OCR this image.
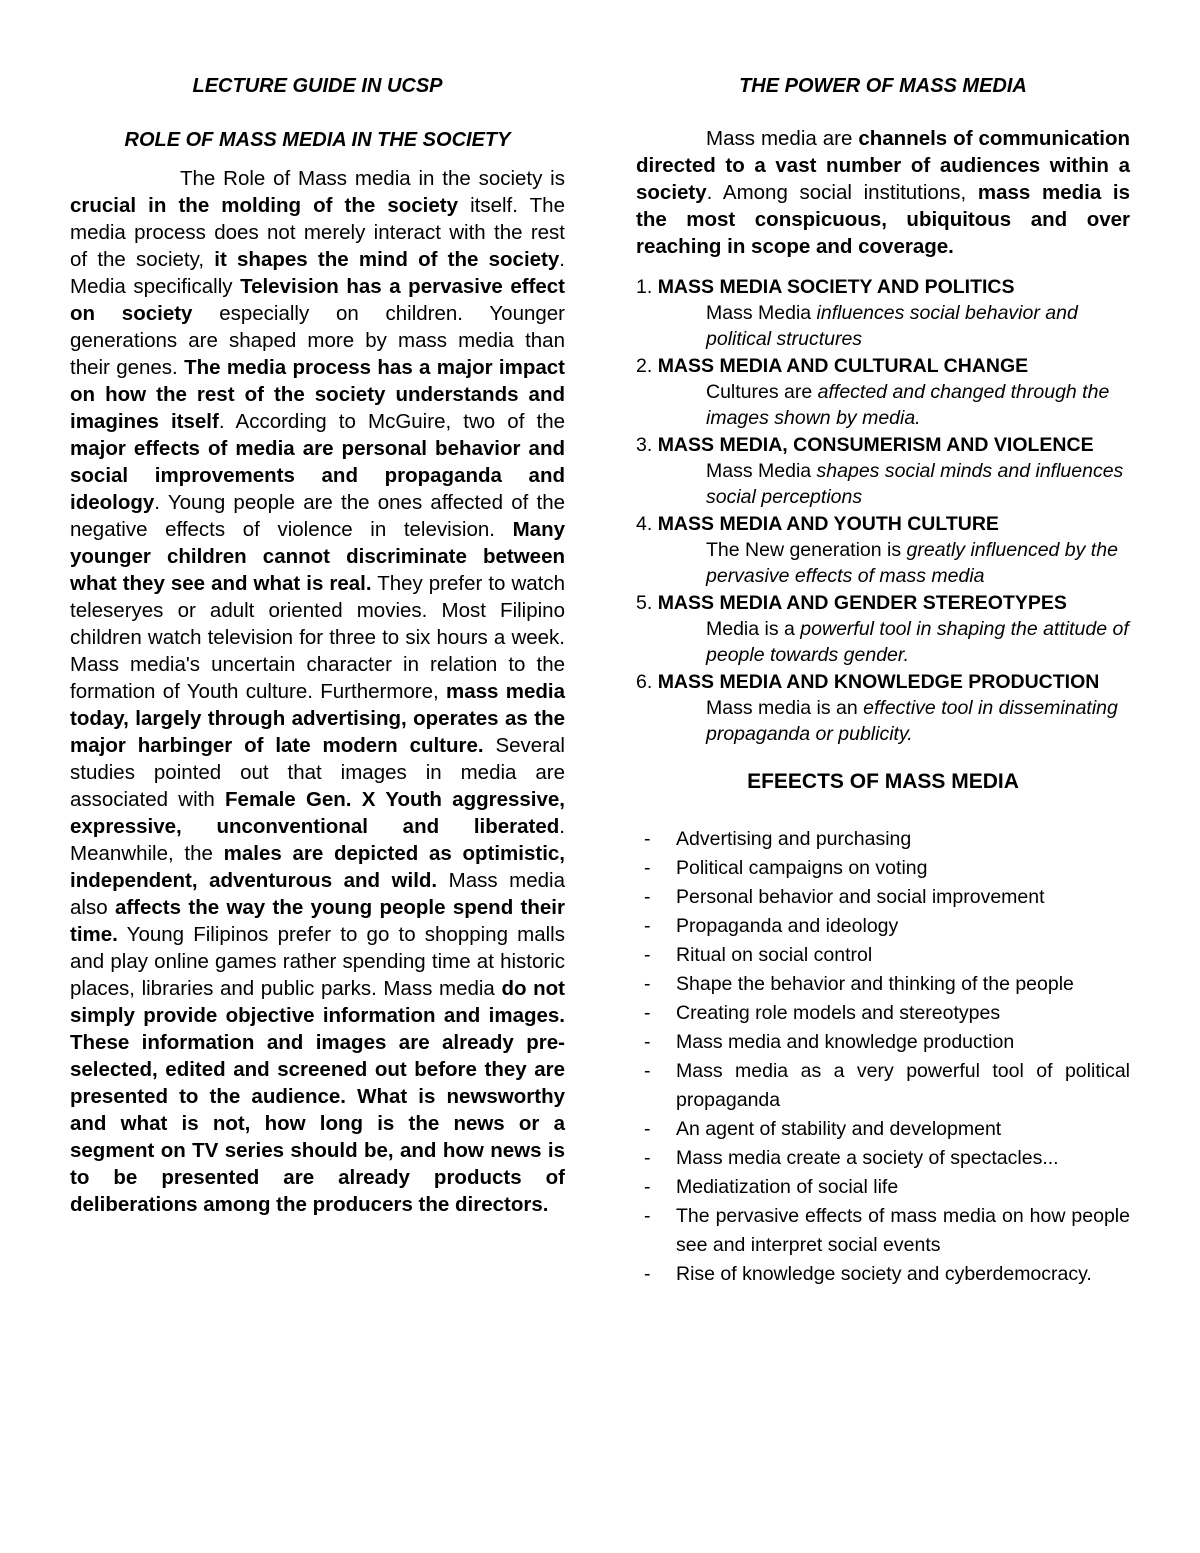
LECTURE GUIDE IN UCSP
ROLE OF MASS MEDIA IN THE SOCIETY

The Role of Mass media in the society is crucial in the molding of the society itself. The media process does not merely interact with the rest of the society, it shapes the mind of the society. Media specifically Television has a pervasive effect on society especially on children. Younger generations are shaped more by mass media than their genes. The media process has a major impact on how the rest of the society understands and imagines itself. According to McGuire, two of the major effects of media are personal behavior and social improvements and propaganda and ideology. Young people are the ones affected of the negative effects of violence in television. Many younger children cannot discriminate between what they see and what is real. They prefer to watch teleseryes or adult oriented movies. Most Filipino children watch television for three to six hours a week. Mass media's uncertain character in relation to the formation of Youth culture. Furthermore, mass media today, largely through advertising, operates as the major harbinger of late modern culture. Several studies pointed out that images in media are associated with Female Gen. X Youth aggressive, expressive, unconventional and liberated. Meanwhile, the males are depicted as optimistic, independent, adventurous and wild. Mass media also affects the way the young people spend their time. Young Filipinos prefer to go to shopping malls and play online games rather spending time at historic places, libraries and public parks. Mass media do not simply provide objective information and images. These information and images are already pre-selected, edited and screened out before they are presented to the audience. What is newsworthy and what is not, how long is the news or a segment on TV series should be, and how news is to be presented are already products of deliberations among the producers the directors.

THE POWER OF MASS MEDIA

Mass media are channels of communication directed to a vast number of audiences within a society. Among social institutions, mass media is the most conspicuous, ubiquitous and over reaching in scope and coverage.

1. MASS MEDIA SOCIETY AND POLITICS
Mass Media influences social behavior and political structures
2. MASS MEDIA AND CULTURAL CHANGE
Cultures are affected and changed through the images shown by media.
3. MASS MEDIA, CONSUMERISM AND VIOLENCE
Mass Media shapes social minds and influences social perceptions
4. MASS MEDIA AND YOUTH CULTURE
The New generation is greatly influenced by the pervasive effects of mass media
5. MASS MEDIA AND GENDER STEREOTYPES
Media is a powerful tool in shaping the attitude of people towards gender.
6. MASS MEDIA AND KNOWLEDGE PRODUCTION
Mass media is an effective tool in disseminating propaganda or publicity.
EFEECTS OF MASS MEDIA
- Advertising and purchasing
- Political campaigns on voting
- Personal behavior and social improvement
- Propaganda and ideology
- Ritual on social control
- Shape the behavior and thinking of the people
- Creating role models and stereotypes
- Mass media and knowledge production
- Mass media as a very powerful tool of political propaganda
- An agent of stability and development
- Mass media create a society of spectacles...
- Mediatization of social life
- The pervasive effects of mass media on how people see and interpret social events
- Rise of knowledge society and cyberdemocracy.
